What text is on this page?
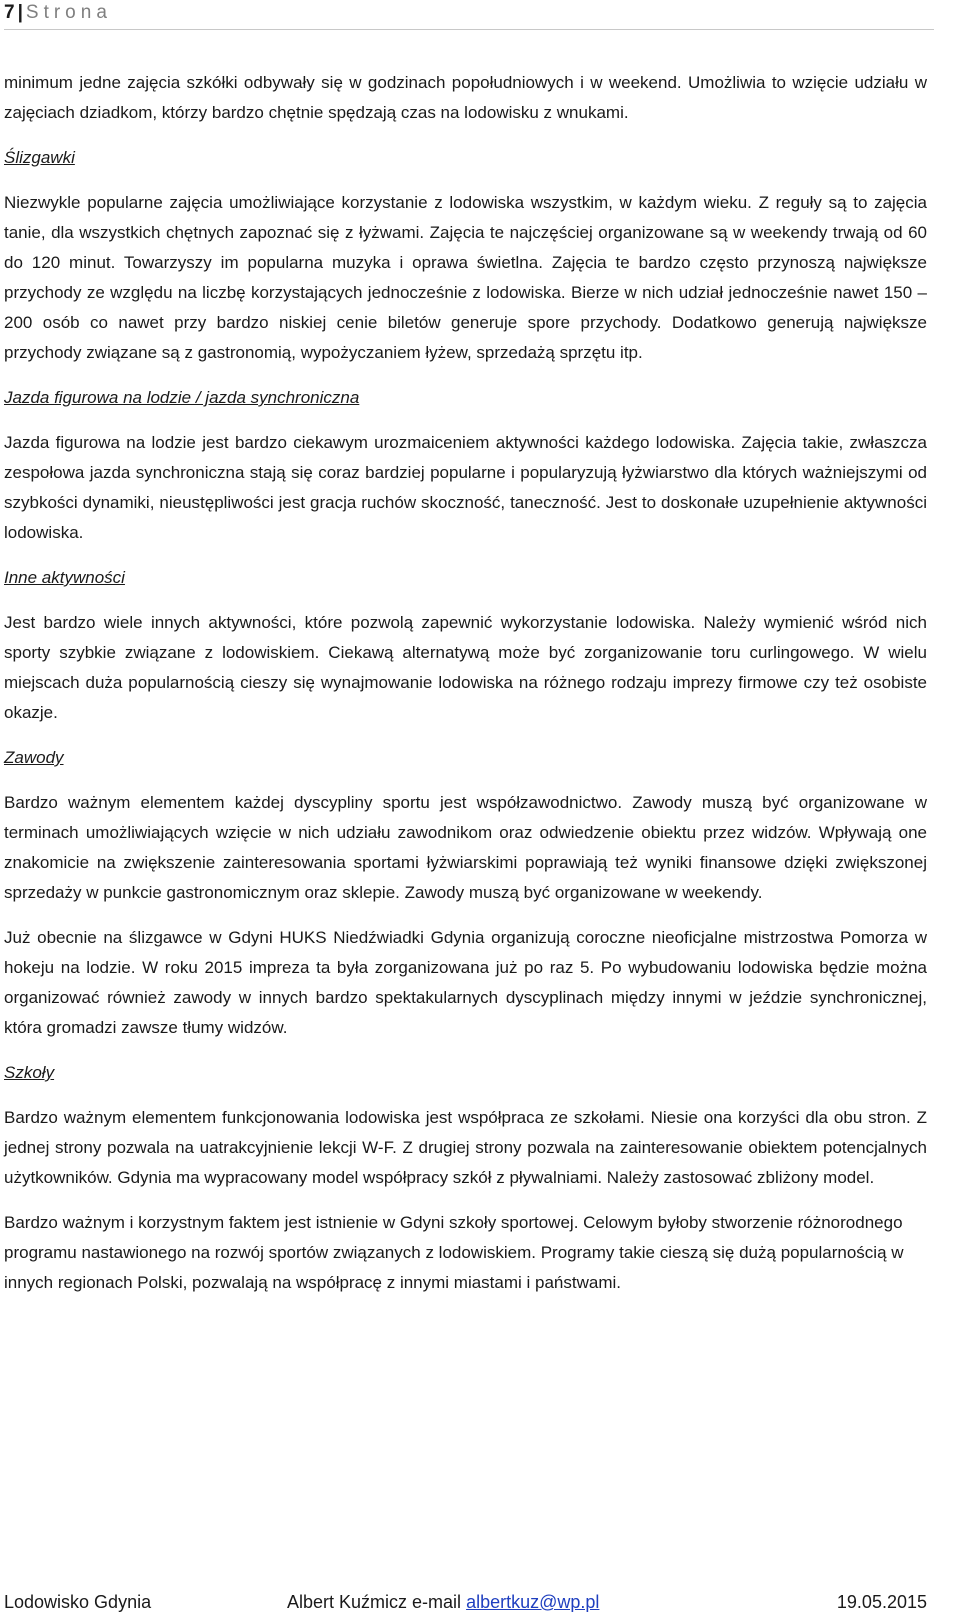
7 | Strona

minimum jedne zajęcia szkółki odbywały się w godzinach popołudniowych i w weekend. Umożliwia to wzięcie udziału w zajęciach dziadkom, którzy bardzo chętnie spędzają czas na lodowisku z wnukami.

Ślizgawki

Niezwykle popularne zajęcia umożliwiające korzystanie z lodowiska wszystkim, w każdym wieku. Z reguły są to zajęcia tanie, dla wszystkich chętnych zapoznać się z łyżwami. Zajęcia te najczęściej organizowane są w weekendy trwają od 60 do 120 minut. Towarzyszy im popularna muzyka i oprawa świetlna. Zajęcia te bardzo często przynoszą największe przychody ze względu na liczbę korzystających jednocześnie z lodowiska. Bierze w nich udział jednocześnie nawet 150 – 200 osób co nawet przy bardzo niskiej cenie biletów generuje spore przychody. Dodatkowo generują największe przychody związane są z gastronomią, wypożyczaniem łyżew, sprzedażą sprzętu itp.

Jazda figurowa na lodzie / jazda synchroniczna

Jazda figurowa na lodzie jest bardzo ciekawym urozmaiceniem aktywności każdego lodowiska. Zajęcia takie, zwłaszcza zespołowa jazda synchroniczna stają się coraz bardziej popularne i popularyzują łyżwiarstwo dla których ważniejszymi od szybkości dynamiki, nieustępliwości jest gracja ruchów skoczność, taneczność. Jest to doskonałe uzupełnienie aktywności lodowiska.

Inne aktywności

Jest bardzo wiele innych aktywności, które pozwolą zapewnić wykorzystanie lodowiska. Należy wymienić wśród nich sporty szybkie związane z lodowiskiem. Ciekawą alternatywą może być zorganizowanie toru curlingowego. W wielu miejscach duża popularnością cieszy się wynajmowanie lodowiska na różnego rodzaju imprezy firmowe czy też osobiste okazje.

Zawody

Bardzo ważnym elementem każdej dyscypliny sportu jest współzawodnictwo. Zawody muszą być organizowane w terminach umożliwiających wzięcie w nich udziału zawodnikom oraz odwiedzenie obiektu przez widzów. Wpływają one znakomicie na zwiększenie zainteresowania sportami łyżwiarskimi poprawiają też wyniki finansowe dzięki zwiększonej sprzedaży w punkcie gastronomicznym oraz sklepie. Zawody muszą być organizowane w weekendy.

Już obecnie na ślizgawce w Gdyni HUKS Niedźwiadki Gdynia organizują coroczne nieoficjalne mistrzostwa Pomorza w hokeju na lodzie. W roku 2015 impreza ta była zorganizowana już po raz 5. Po wybudowaniu lodowiska będzie można organizować również zawody w innych bardzo spektakularnych dyscyplinach między innymi w jeździe synchronicznej, która gromadzi zawsze tłumy widzów.

Szkoły

Bardzo ważnym elementem funkcjonowania lodowiska jest współpraca ze szkołami. Niesie ona korzyści dla obu stron. Z jednej strony pozwala na uatrakcyjnienie lekcji W-F. Z drugiej strony pozwala na zainteresowanie obiektem potencjalnych użytkowników. Gdynia ma wypracowany model współpracy szkół z pływalniami. Należy zastosować zbliżony model.

Bardzo ważnym i korzystnym faktem jest istnienie w Gdyni szkoły sportowej. Celowym byłoby stworzenie różnorodnego programu nastawionego na rozwój sportów związanych z lodowiskiem. Programy takie cieszą się dużą popularnością w innych regionach Polski, pozwalają na współpracę z innymi miastami i państwami.

Lodowisko Gdynia	Albert Kuźmicz e-mail albertkuz@wp.pl	19.05.2015
